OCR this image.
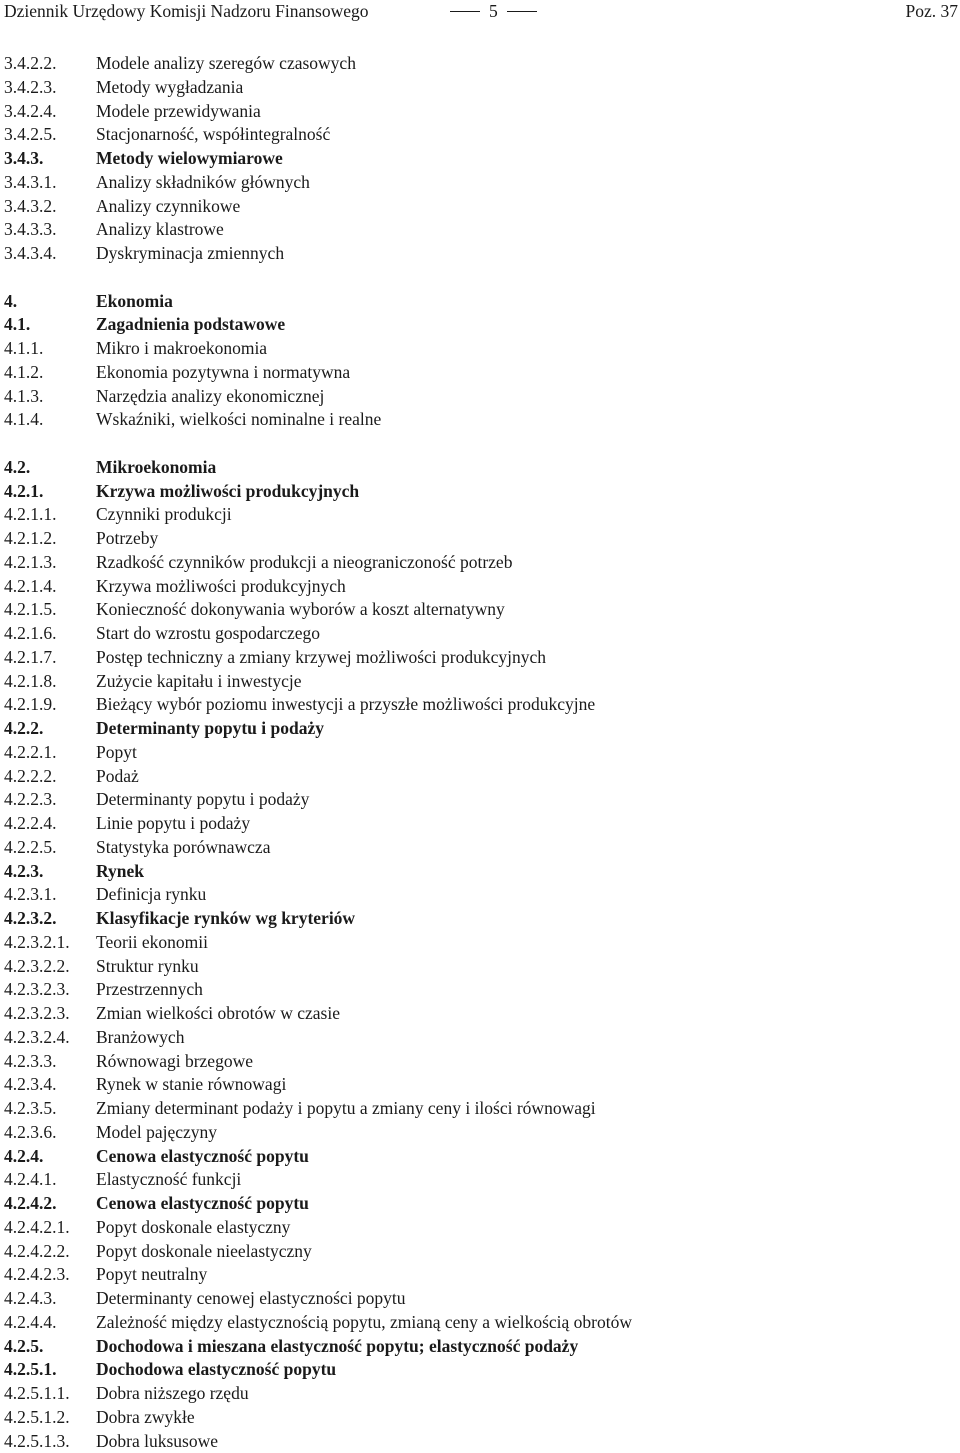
Dziennik Urzędowy Komisji Nadzoru Finansowego	5	Poz. 37
3.4.2.2. Modele analizy szeregów czasowych
3.4.2.3. Metody wygładzania
3.4.2.4. Modele przewidywania
3.4.2.5. Stacjonarność, współintegralność
3.4.3.	Metody wielowymiarowe
3.4.3.1. Analizy składników głównych
3.4.3.2. Analizy czynnikowe
3.4.3.3. Analizy klastrowe
3.4.3.4. Dyskryminacja zmiennych
4.	Ekonomia
4.1.	Zagadnienia podstawowe
4.1.1.	Mikro i makroekonomia
4.1.2.	Ekonomia pozytywna i normatywna
4.1.3.	Narzędzia analizy ekonomicznej
4.1.4.	Wskaźniki, wielkości nominalne i realne
4.2.	Mikroekonomia
4.2.1.	Krzywa możliwości produkcyjnych
4.2.1.1. Czynniki produkcji
4.2.1.2. Potrzeby
4.2.1.3. Rzadkość czynników produkcji a nieograniczoność potrzeb
4.2.1.4. Krzywa możliwości produkcyjnych
4.2.1.5. Konieczność dokonywania wyborów a koszt alternatywny
4.2.1.6. Start do wzrostu gospodarczego
4.2.1.7. Postęp techniczny a zmiany krzywej możliwości produkcyjnych
4.2.1.8. Zużycie kapitału i inwestycje
4.2.1.9. Bieżący wybór poziomu inwestycji a przyszłe możliwości produkcyjne
4.2.2.	Determinanty popytu i podaży
4.2.2.1. Popyt
4.2.2.2. Podaż
4.2.2.3. Determinanty popytu i podaży
4.2.2.4. Linie popytu i podaży
4.2.2.5. Statystyka porównawcza
4.2.3.	Rynek
4.2.3.1. Definicja rynku
4.2.3.2. Klasyfikacje rynków wg kryteriów
4.2.3.2.1. Teorii ekonomii
4.2.3.2.2. Struktur rynku
4.2.3.2.3. Przestrzennych
4.2.3.2.3. Zmian wielkości obrotów w czasie
4.2.3.2.4. Branżowych
4.2.3.3. Równowagi brzegowe
4.2.3.4. Rynek w stanie równowagi
4.2.3.5. Zmiany determinant podaży i popytu a zmiany ceny i ilości równowagi
4.2.3.6. Model pajęczyny
4.2.4.	Cenowa elastyczność popytu
4.2.4.1. Elastyczność funkcji
4.2.4.2. Cenowa elastyczność popytu
4.2.4.2.1. Popyt doskonale elastyczny
4.2.4.2.2. Popyt doskonale nieelastyczny
4.2.4.2.3. Popyt neutralny
4.2.4.3. Determinanty cenowej elastyczności popytu
4.2.4.4. Zależność między elastycznością popytu, zmianą ceny a wielkością obrotów
4.2.5.	Dochodowa i mieszana elastyczność popytu; elastyczność podaży
4.2.5.1. Dochodowa elastyczność popytu
4.2.5.1.1. Dobra niższego rzędu
4.2.5.1.2. Dobra zwykłe
4.2.5.1.3. Dobra luksusowe
